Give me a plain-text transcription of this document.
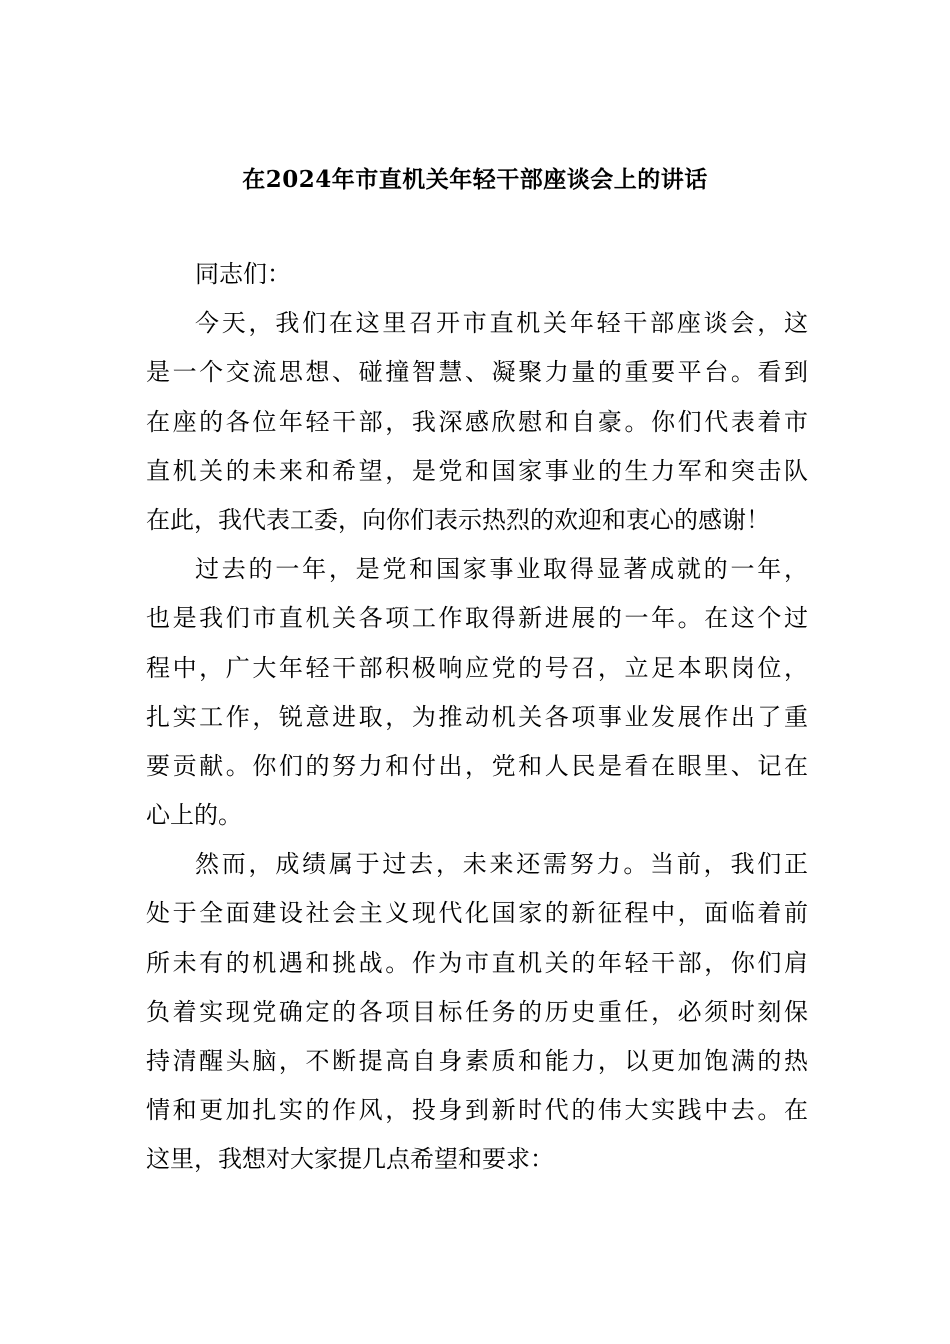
在2024年市直机关年轻干部座谈会上的讲话
同志们：
今天，我们在这里召开市直机关年轻干部座谈会，这
是一个交流思想、碰撞智慧、凝聚力量的重要平台。看到
在座的各位年轻干部，我深感欣慰和自豪。你们代表着市
直机关的未来和希望，是党和国家事业的生力军和突击队
在此，我代表工委，向你们表示热烈的欢迎和衷心的感谢！
过去的一年，是党和国家事业取得显著成就的一年，
也是我们市直机关各项工作取得新进展的一年。在这个过
程中，广大年轻干部积极响应党的号召，立足本职岗位，
扎实工作，锐意进取，为推动机关各项事业发展作出了重
要贡献。你们的努力和付出，党和人民是看在眼里、记在
心上的。
然而，成绩属于过去，未来还需努力。当前，我们正
处于全面建设社会主义现代化国家的新征程中，面临着前
所未有的机遇和挑战。作为市直机关的年轻干部，你们肩
负着实现党确定的各项目标任务的历史重任，必须时刻保
持清醒头脑，不断提高自身素质和能力，以更加饱满的热
情和更加扎实的作风，投身到新时代的伟大实践中去。在
这里，我想对大家提几点希望和要求：
